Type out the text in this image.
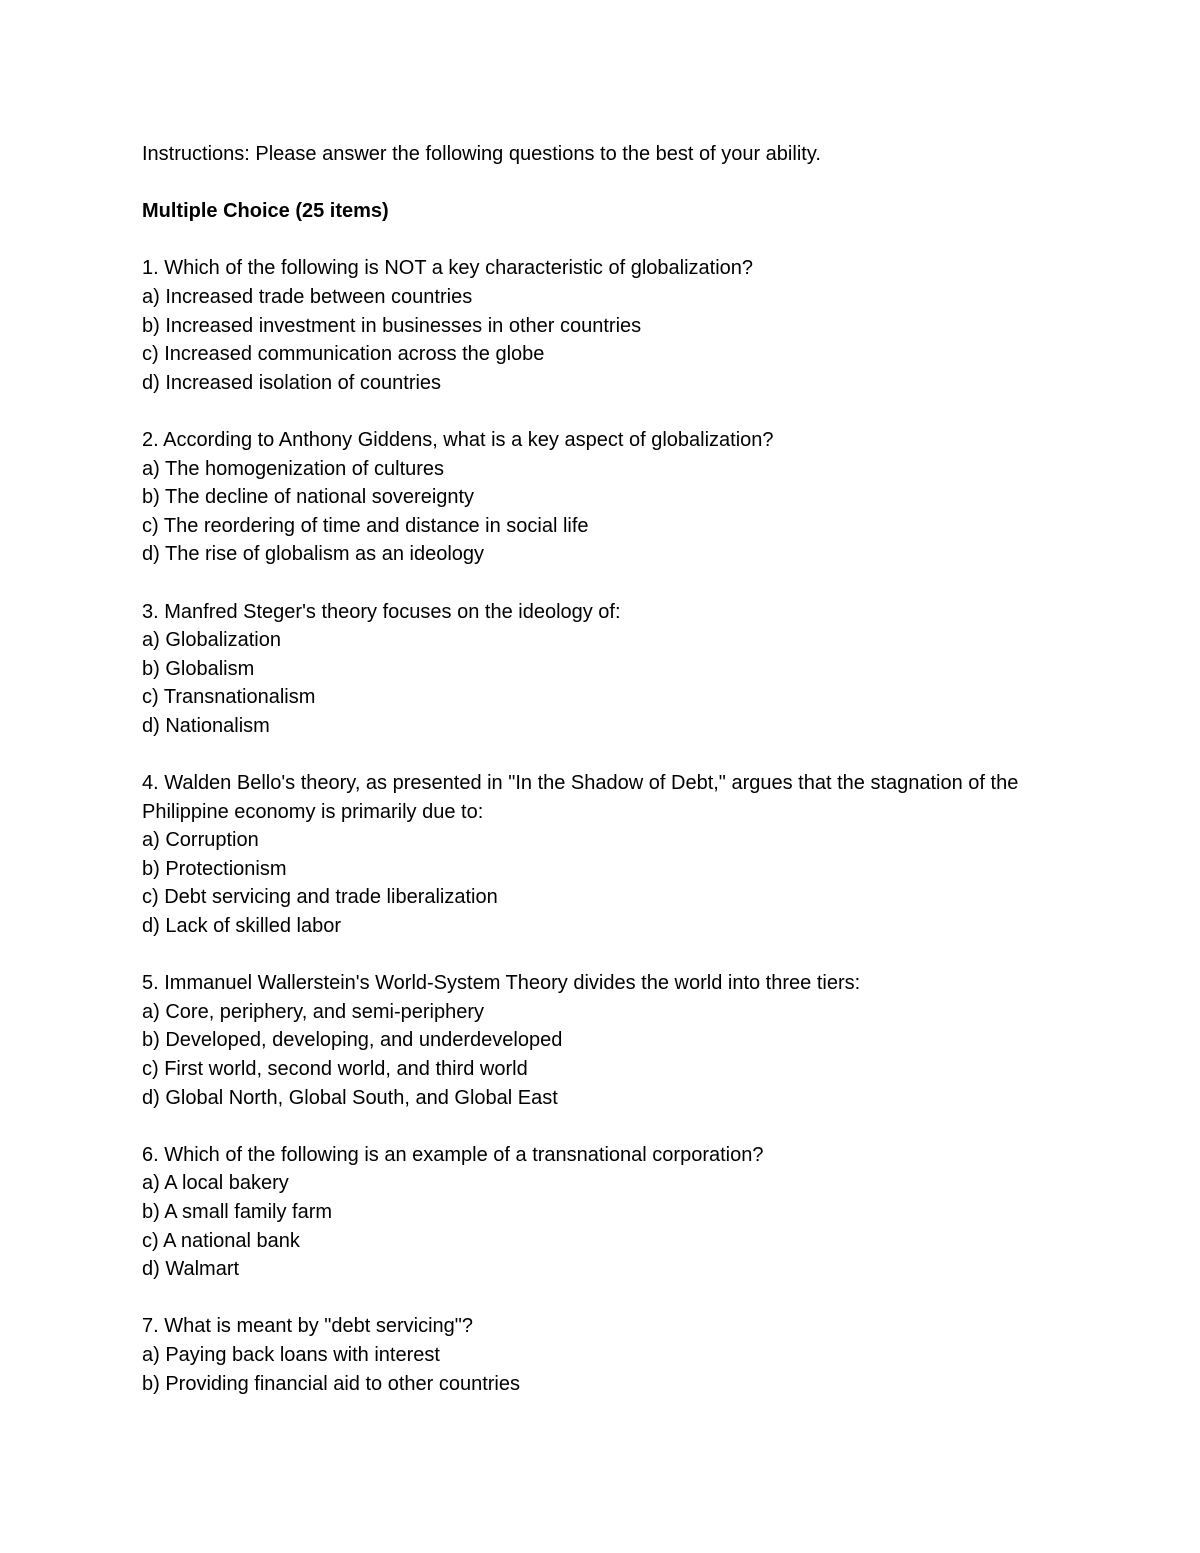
Instructions: Please answer the following questions to the best of your ability.

Multiple Choice (25 items)

1. Which of the following is NOT a key characteristic of globalization?

a) Increased trade between countries

b) Increased investment in businesses in other countries

c) Increased communication across the globe

d) Increased isolation of countries

2. According to Anthony Giddens, what is a key aspect of globalization?

a) The homogenization of cultures

b) The decline of national sovereignty

c) The reordering of time and distance in social life

d) The rise of globalism as an ideology

3. Manfred Steger's theory focuses on the ideology of:

a) Globalization

b) Globalism

c) Transnationalism

d) Nationalism

4. Walden Bello's theory, as presented in "In the Shadow of Debt," argues that the stagnation of the Philippine economy is primarily due to:

a) Corruption

b) Protectionism

c) Debt servicing and trade liberalization

d) Lack of skilled labor

5. Immanuel Wallerstein's World-System Theory divides the world into three tiers:

a) Core, periphery, and semi-periphery

b) Developed, developing, and underdeveloped

c) First world, second world, and third world

d) Global North, Global South, and Global East

6. Which of the following is an example of a transnational corporation?

a) A local bakery

b) A small family farm

c) A national bank

d) Walmart

7. What is meant by "debt servicing"?

a) Paying back loans with interest

b) Providing financial aid to other countries
